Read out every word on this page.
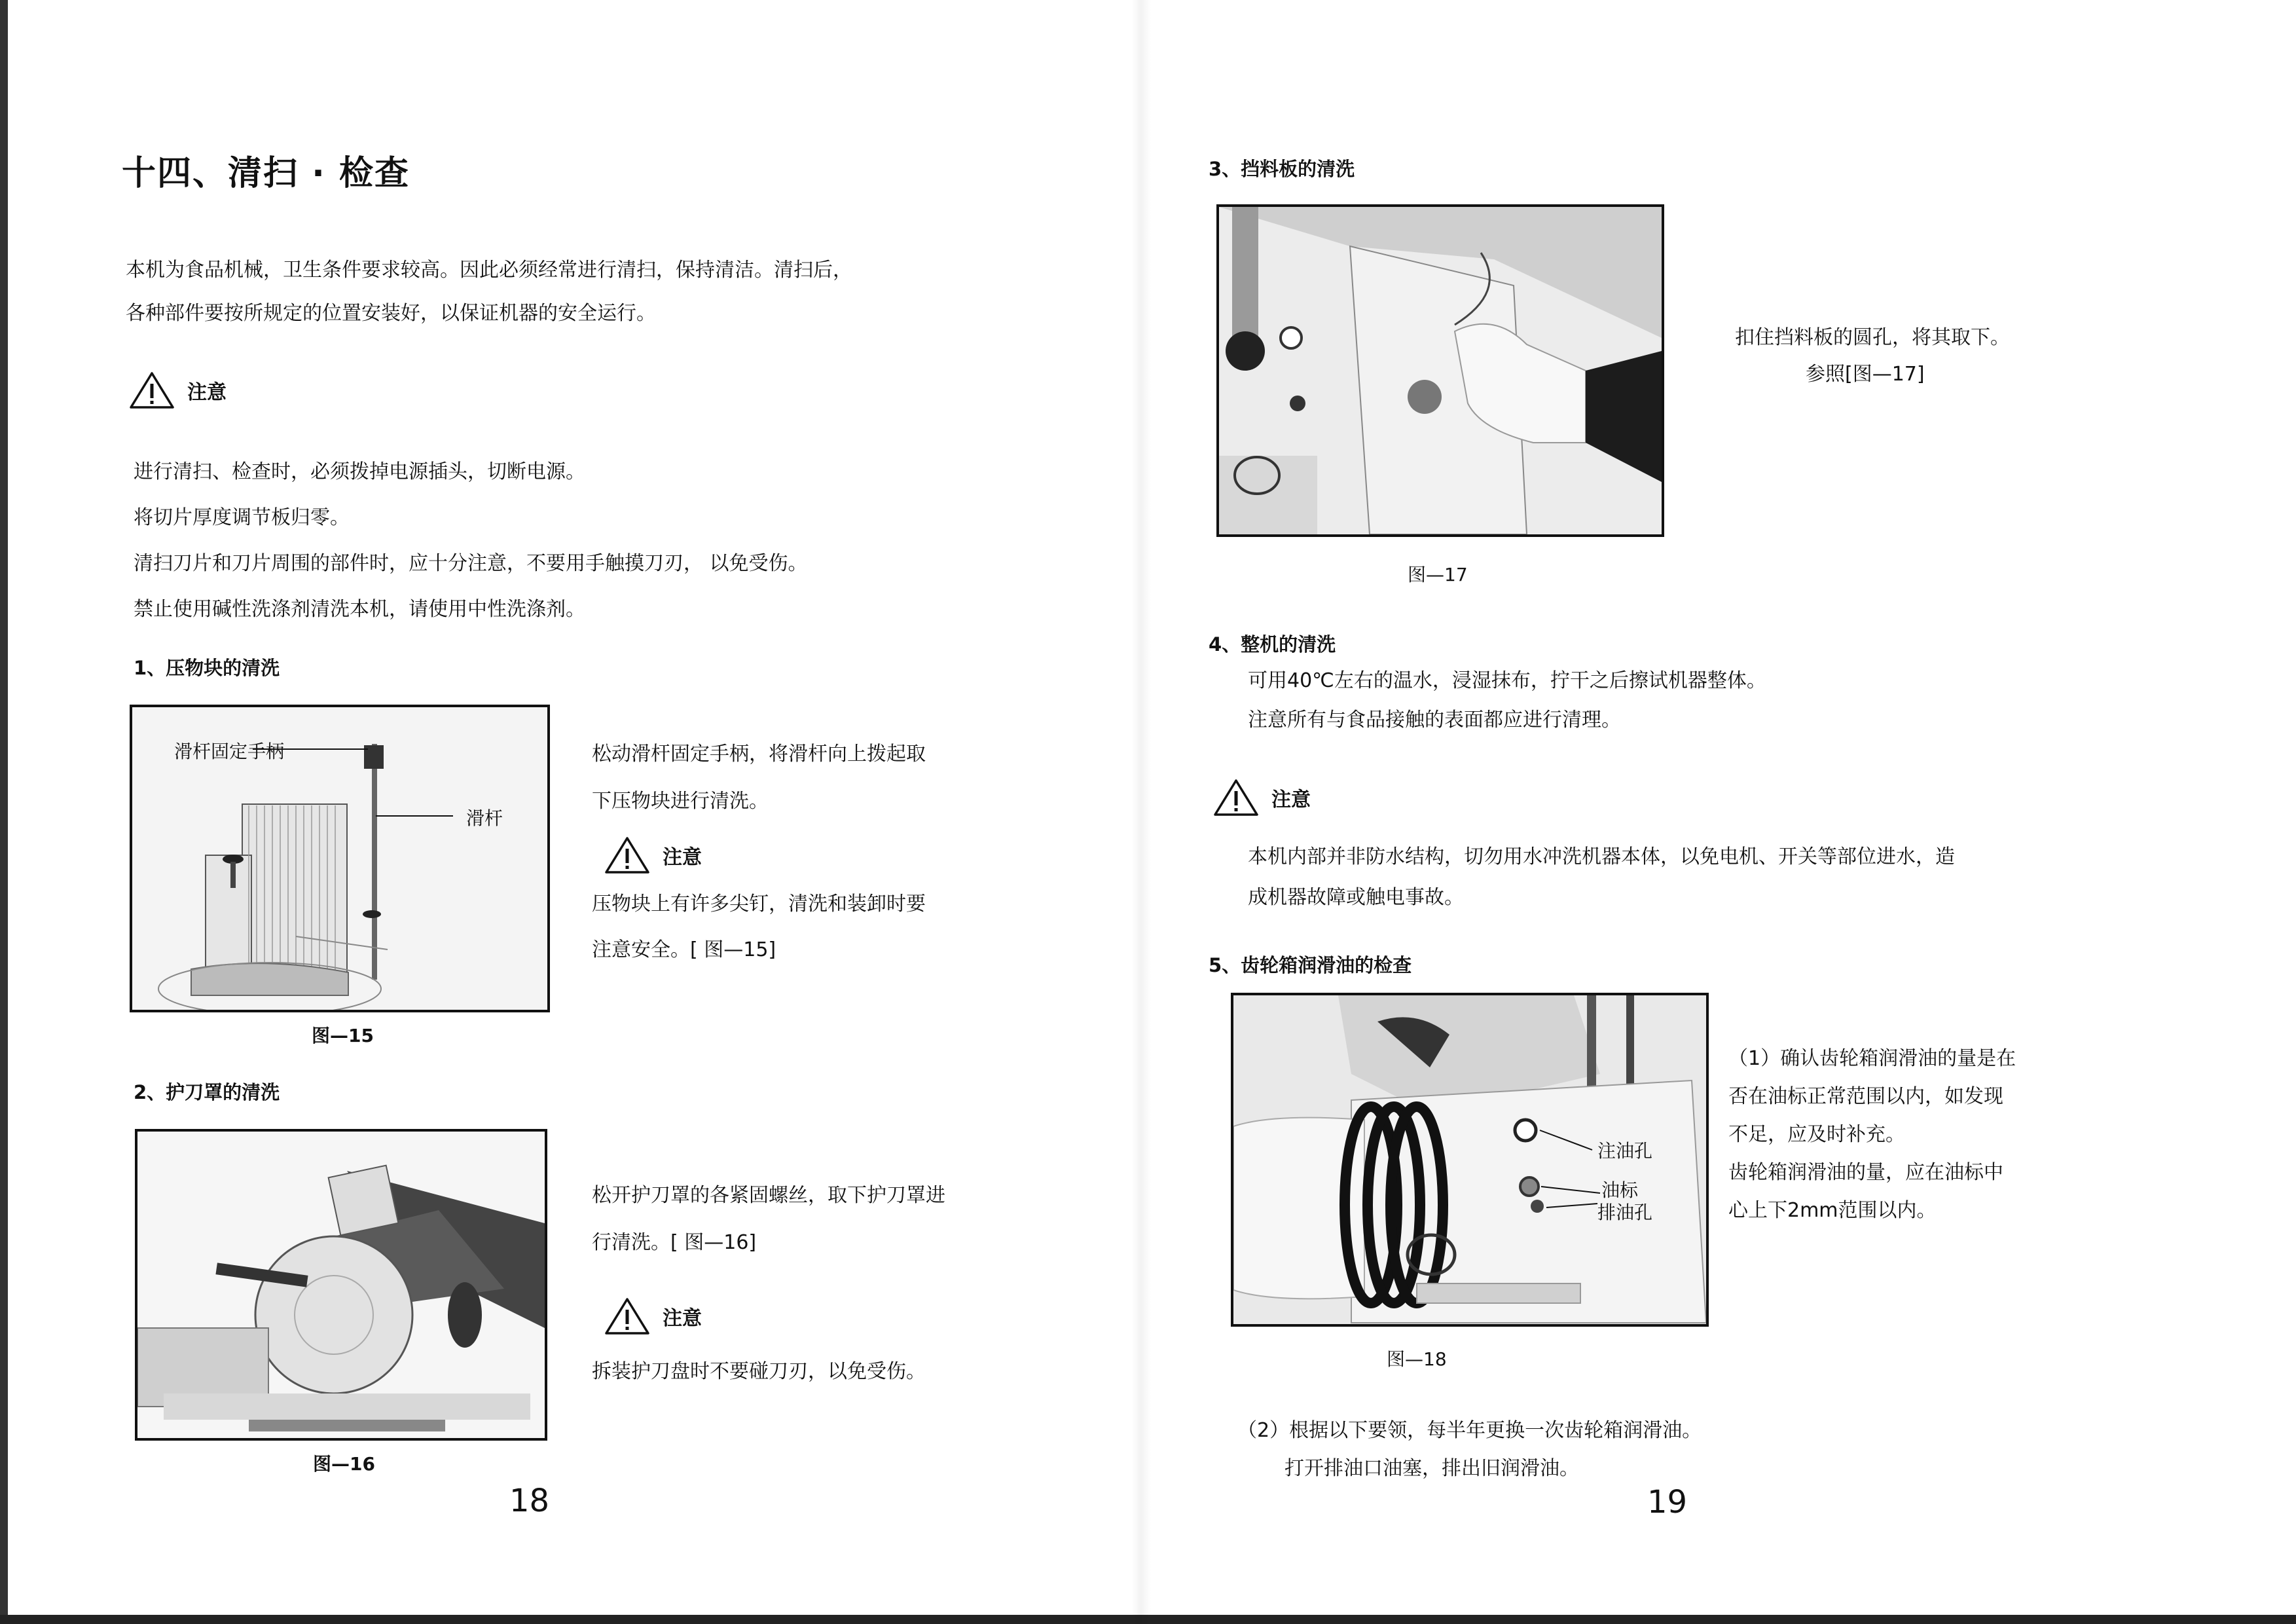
十四、清扫 · 检查

本机为食品机械，卫生条件要求较高。因此必须经常进行清扫，保持清洁。清扫后，

各种部件要按所规定的位置安装好，以保证机器的安全运行。

注意

进行清扫、检查时，必须拨掉电源插头，切断电源。

将切片厚度调节板归零。

清扫刀片和刀片周围的部件时，应十分注意，不要用手触摸刀刃， 以免受伤。

禁止使用碱性洗涤剂清洗本机，请使用中性洗涤剂。

1、压物块的清洗
滑杆固定手柄
滑杆
图—15

松动滑杆固定手柄，将滑杆向上拨起取

下压物块进行清洗。

注意

压物块上有许多尖钉，清洗和装卸时要

注意安全。[ 图—15]

2、护刀罩的清洗
图—16

松开护刀罩的各紧固螺丝，取下护刀罩进

行清洗。[ 图—16]

注意

拆装护刀盘时不要碰刀刃，以免受伤。

18
3、挡料板的清洗
图—17

扣住挡料板的圆孔，将其取下。

参照[图—17]

4、整机的清洗

可用40℃左右的温水，浸湿抹布，拧干之后擦试机器整体。

注意所有与食品接触的表面都应进行清理。

注意

本机内部并非防水结构，切勿用水冲洗机器本体，以免电机、开关等部位进水，造

成机器故障或触电事故。

5、齿轮箱润滑油的检查
注油孔
油标
排油孔
图—18

（1）确认齿轮箱润滑油的量是在

否在油标正常范围以内，如发现

不足，应及时补充。

齿轮箱润滑油的量，应在油标中

心上下2mm范围以内。

（2）根据以下要领，每半年更换一次齿轮箱润滑油。

打开排油口油塞，排出旧润滑油。

19
